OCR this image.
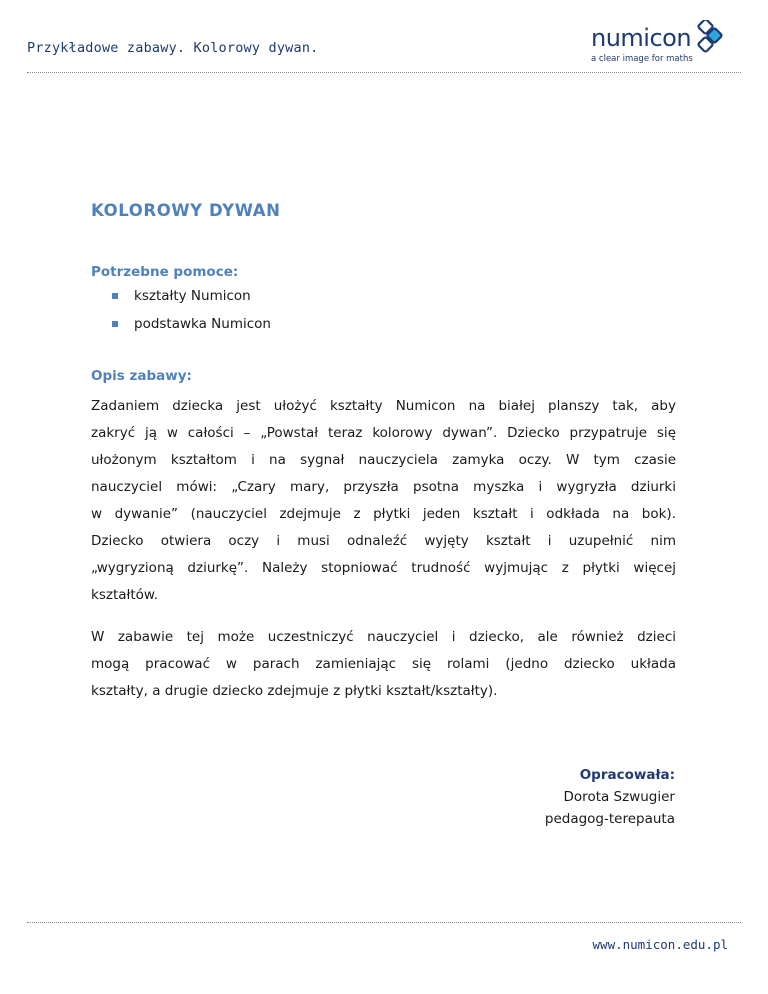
Przykładowe zabawy. Kolorowy dywan.	numicon
a clear image for maths
KOLOROWY DYWAN
Potrzebne pomoce:
kształty Numicon
podstawka Numicon
Opis zabawy:
Zadaniem dziecka jest ułożyć kształty Numicon na białej planszy tak, aby
zakryć ją w całości – „Powstał teraz kolorowy dywan”. Dziecko przypatruje się
ułożonym kształtom i na sygnał nauczyciela zamyka oczy. W tym czasie
nauczyciel mówi: „Czary mary, przyszła psotna myszka i wygryzła dziurki
w dywanie” (nauczyciel zdejmuje z płytki jeden kształt i odkłada na bok).
Dziecko otwiera oczy i musi odnaleźć wyjęty kształt i uzupełnić nim
„wygryzioną dziurkę”. Należy stopniować trudność wyjmując z płytki więcej
kształtów.
W zabawie tej może uczestniczyć nauczyciel i dziecko, ale również dzieci
mogą pracować w parach zamieniając się rolami (jedno dziecko układa
kształty, a drugie dziecko zdejmuje z płytki kształt/kształty).
Opracowała:
Dorota Szwugier
pedagog-terepauta
www.numicon.edu.pl
